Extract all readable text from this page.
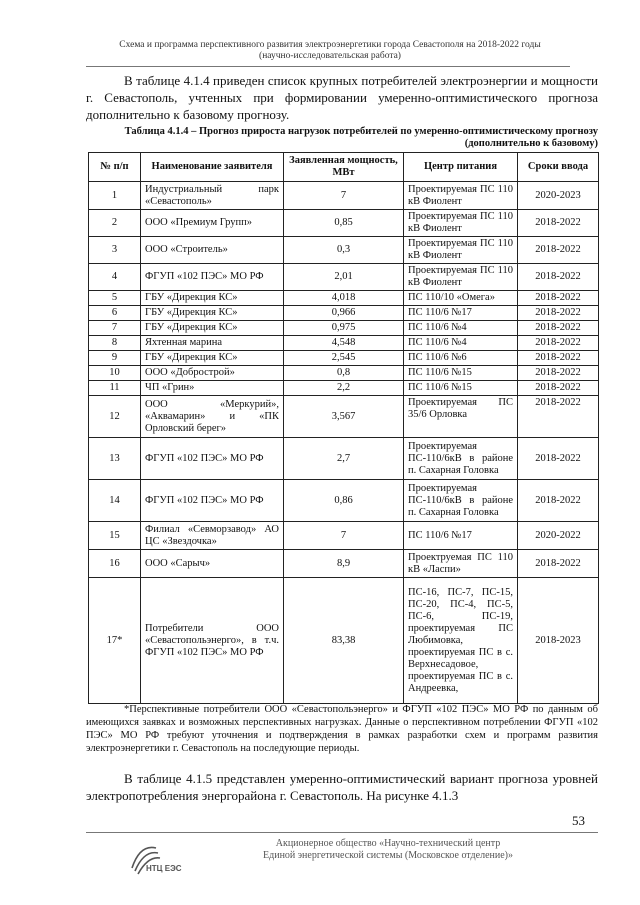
Схема и программа перспективного развития электроэнергетики города Севастополя на 2018-2022 годы
(научно-исследовательская работа)
В таблице 4.1.4 приведен список крупных потребителей электроэнергии и мощности г. Севастополь, учтенных при формировании умеренно-оптимистического прогноза дополнительно к базовому прогнозу.
Таблица 4.1.4 – Прогноз прироста нагрузок потребителей по умеренно-оптимистическому прогнозу (дополнительно к базовому)
№ п/п	Наименование заявителя	Заявленная мощность, МВт	Центр питания	Сроки ввода
1	Индустриальный парк «Севастополь»	7	Проектируемая ПС 110 кВ Фиолент	2020-2023
2	ООО «Премиум Групп»	0,85	Проектируемая ПС 110 кВ Фиолент	2018-2022
3	ООО «Строитель»	0,3	Проектируемая ПС 110 кВ Фиолент	2018-2022
4	ФГУП «102 ПЭС» МО РФ	2,01	Проектируемая ПС 110 кВ Фиолент	2018-2022
5	ГБУ «Дирекция КС»	4,018	ПС 110/10 «Омега»	2018-2022
6	ГБУ «Дирекция КС»	0,966	ПС 110/6 №17	2018-2022
7	ГБУ «Дирекция КС»	0,975	ПС 110/6 №4	2018-2022
8	Яхтенная марина	4,548	ПС 110/6 №4	2018-2022
9	ГБУ «Дирекция КС»	2,545	ПС 110/6 №6	2018-2022
10	ООО «Добрострой»	0,8	ПС 110/6 №15	2018-2022
11	ЧП «Грин»	2,2	ПС 110/6 №15	2018-2022
12	ООО «Меркурий», «Аквамарин» и «ПК Орловский берег»	3,567	Проектируемая ПС 35/6 Орловка	2018-2022
13	ФГУП «102 ПЭС» МО РФ	2,7	Проектируемая ПС-110/6кВ в районе п. Сахарная Головка	2018-2022
14	ФГУП «102 ПЭС» МО РФ	0,86	Проектируемая ПС-110/6кВ в районе п. Сахарная Головка	2018-2022
15	Филиал «Севморзавод» АО ЦС «Звездочка»	7	ПС 110/6 №17	2020-2022
16	ООО «Сарыч»	8,9	Проектруемая ПС 110 кВ «Ласпи»	2018-2022
17*	Потребители ООО «Севастопольэнерго», в т.ч. ФГУП «102 ПЭС» МО РФ	83,38	ПС-16, ПС-7, ПС-15, ПС-20, ПС-4, ПС-5, ПС-6, ПС-19, проектируемая ПС Любимовка, проектируемая ПС в с. Верхнесадовое, проектируемая ПС в с. Андреевка,	2018-2023
*Перспективные потребители ООО «Севастопольэнерго» и ФГУП «102 ПЭС» МО РФ по данным об имеющихся заявках и возможных перспективных нагрузках. Данные о перспективном потреблении ФГУП «102 ПЭС» МО РФ требуют уточнения и подтверждения в рамках разработки схем и программ развития электроэнергетики г. Севастополь на последующие периоды.
В таблице 4.1.5 представлен умеренно-оптимистический вариант прогноза уровней электропотребления энергорайона г. Севастополь. На рисунке 4.1.3
53
НТЦ ЕЭС
Акционерное общество «Научно-технический центр
Единой энергетической системы (Московское отделение)»
